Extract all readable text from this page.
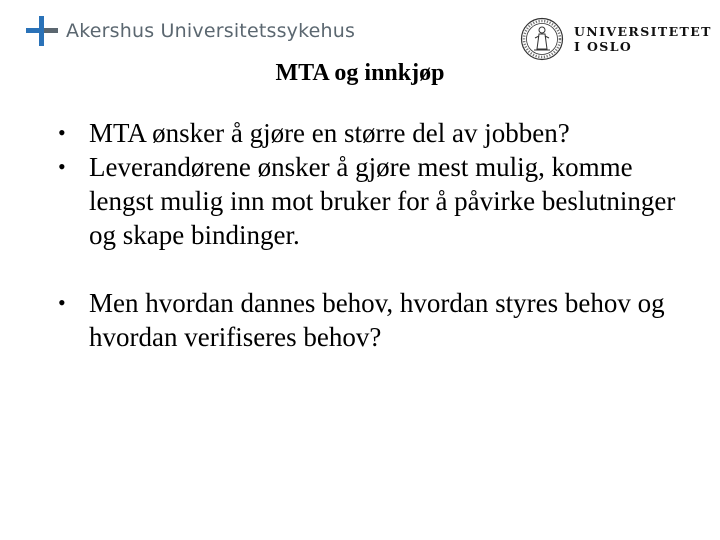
Akershus Universitetssykehus	UNIVERSITETET
I OSLO
MTA og innkjøp
• MTA ønsker å gjøre en større del av jobben?
• Leverandørene ønsker å gjøre mest mulig, komme lengst mulig inn mot bruker for å påvirke beslutninger og skape bindinger.
• Men hvordan dannes behov, hvordan styres behov og hvordan verifiseres behov?
